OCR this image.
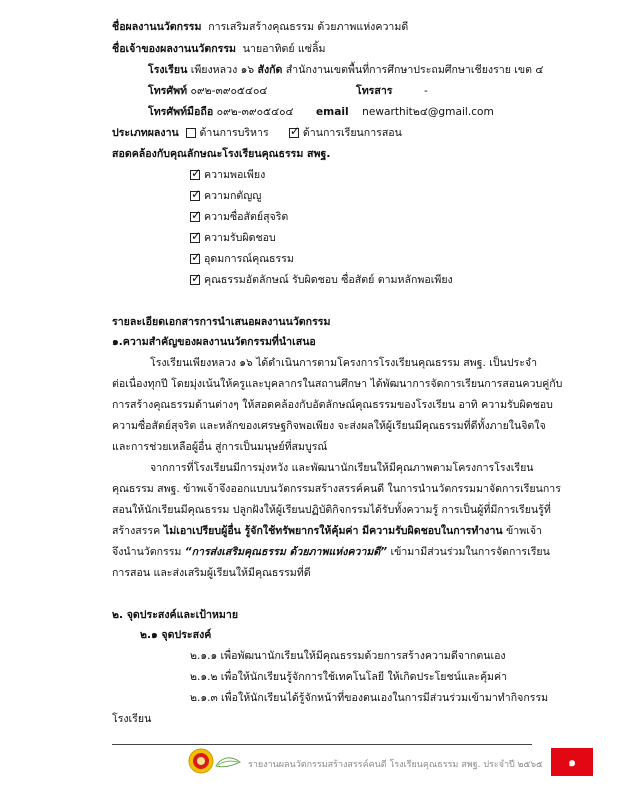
ชื่อผลงานนวัตกรรม การเสริมสร้างคุณธรรม ด้วยภาพแห่งความดี
ชื่อเจ้าของผลงานนวัตกรรม นายอาทิตย์ แซ่ลิ้ม
โรงเรียน เพียงหลวง ๑๖ สังกัด สำนักงานเขตพื้นที่การศึกษาประถมศึกษาเชียงราย เขต ๔
โทรศัพท์ ๐๙๒-๓๙๐๕๔๐๔	โทรสาร	-
โทรศัพท์มือถือ ๐๙๒-๓๙๐๕๔๐๔ email newarthit๒๔@gmail.com
ประเภทผลงาน ด้านการบริหาร ✓ ด้านการเรียนการสอน
สอดคล้องกับคุณลักษณะโรงเรียนคุณธรรม สพฐ.
✓ ความพอเพียง
✓ ความกตัญญู
✓ ความซื่อสัตย์สุจริต
✓ ความรับผิดชอบ
✓ อุดมการณ์คุณธรรม
✓ คุณธรรมอัตลักษณ์ รับผิดชอบ ซื่อสัตย์ ตามหลักพอเพียง
รายละเอียดเอกสารการนำเสนอผลงานนวัตกรรม
๑.ความสำคัญของผลงานนวัตกรรมที่นำเสนอ
โรงเรียนเพียงหลวง ๑๖ ได้ดำเนินการตามโครงการโรงเรียนคุณธรรม สพฐ. เป็นประจำ
ต่อเนื่องทุกปี โดยมุ่งเน้นให้ครูและบุคลากรในสถานศึกษา ได้พัฒนาการจัดการเรียนการสอนควบคู่กับ
การสร้างคุณธรรมด้านต่างๆ ให้สอดคล้องกับอัตลักษณ์คุณธรรมของโรงเรียน อาทิ ความรับผิดชอบ
ความซื่อสัตย์สุจริต และหลักของเศรษฐกิจพอเพียง จะส่งผลให้ผู้เรียนมีคุณธรรมที่ดีทั้งภายในจิตใจ
และการช่วยเหลือผู้อื่น สู่การเป็นมนุษย์ที่สมบูรณ์
จากการที่โรงเรียนมีการมุ่งหวัง และพัฒนานักเรียนให้มีคุณภาพตามโครงการโรงเรียน
คุณธรรม สพฐ. ข้าพเจ้าจึงออกแบบนวัตกรรมสร้างสรรค์คนดี ในการนำนวัตกรรมมาจัดการเรียนการ
สอนให้นักเรียนมีคุณธรรม ปลูกฝังให้ผู้เรียนปฏิบัติกิจกรรมได้รับทั้งความรู้ การเป็นผู้ที่มีการเรียนรู้ที่
สร้างสรรค ไม่เอาเปรียบผู้อื่น รู้จักใช้ทรัพยากรให้คุ้มค่า มีความรับผิดชอบในการทำงาน ข้าพเจ้า
จึงนำนวัตกรรม “การส่งเสริมคุณธรรม ด้วยภาพแห่งความดี” เข้ามามีส่วนร่วมในการจัดการเรียน
การสอน และส่งเสริมผู้เรียนให้มีคุณธรรมที่ดี
๒. จุดประสงค์และเป้าหมาย
๒.๑ จุดประสงค์
๒.๑.๑ เพื่อพัฒนานักเรียนให้มีคุณธรรมด้วยการสร้างความดีจากตนเอง
๒.๑.๒ เพื่อให้นักเรียนรู้จักการใช้เทคโนโลยี ให้เกิดประโยชน์และคุ้มค่า
๒.๑.๓ เพื่อให้นักเรียนได้รู้จักหน้าที่ของตนเองในการมีส่วนร่วมเข้ามาทำกิจกรรม
โรงเรียน
รายงานผลนวัตกรรมสร้างสรรค์คนดี โรงเรียนคุณธรรม สพฐ. ประจำปี ๒๕๖๕	๑
